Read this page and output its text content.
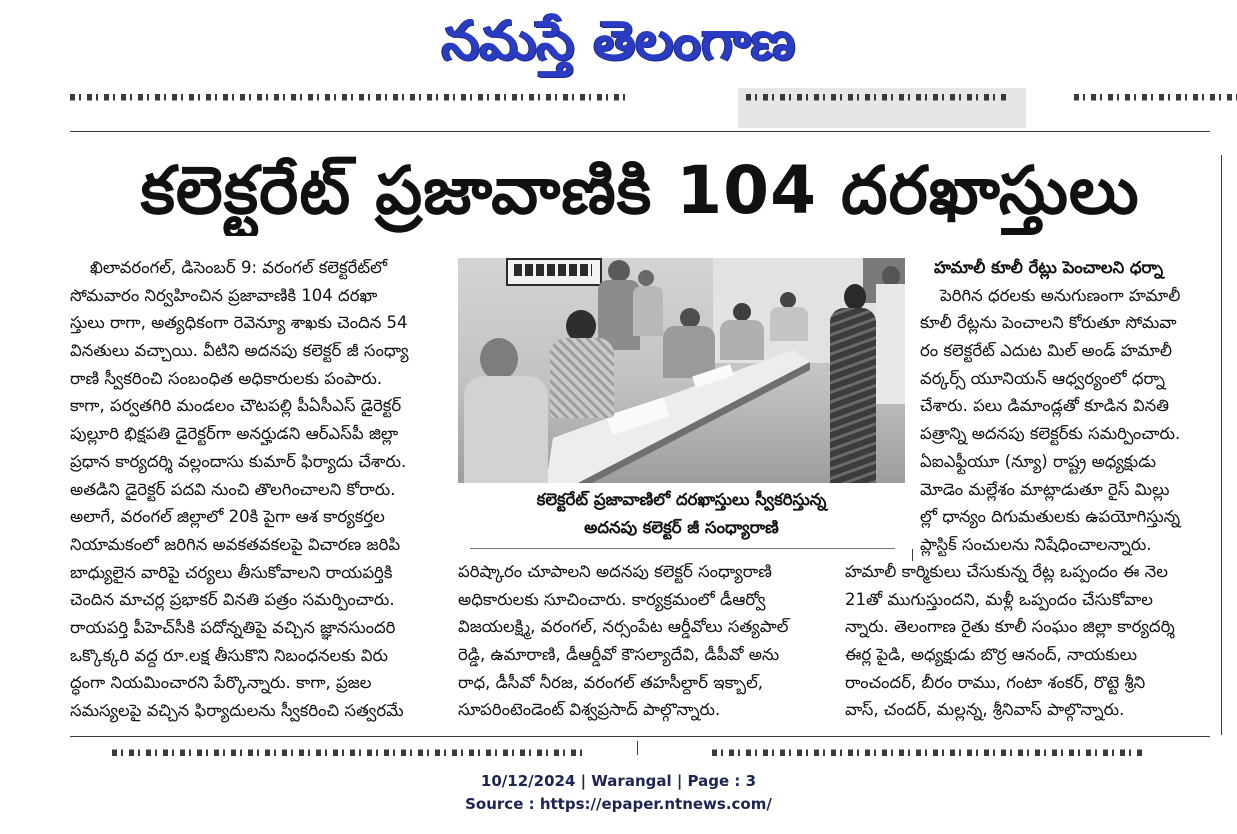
నమస్తే తెలంగాణ
కలెక్టరేట్ ప్రజావాణికి 104 దరఖాస్తులు
ఖిలావరంగల్, డిసెంబర్ 9: వరంగల్ కలెక్టరేట్‌లో
సోమవారం నిర్వహించిన ప్రజావాణికి 104 దరఖా
స్తులు రాగా, అత్యధికంగా రెవెన్యూ శాఖకు చెందిన 54
వినతులు వచ్చాయి. వీటిని అదనపు కలెక్టర్ జీ సంధ్యా
రాణి స్వీకరించి సంబంధిత అధికారులకు పంపారు.
కాగా, పర్వతగిరి మండలం చౌటపల్లి పీఏసీఎస్ డైరెక్టర్
పుల్లూరి భిక్షపతి డైరెక్టర్‌గా అనర్హుడని ఆర్‌ఎస్‌పీ జిల్లా
ప్రధాన కార్యదర్శి వల్లందాసు కుమార్ ఫిర్యాదు చేశారు.
అతడిని డైరెక్టర్ పదవి నుంచి తొలగించాలని కోరారు.
అలాగే, వరంగల్ జిల్లాలో 20కి పైగా ఆశ కార్యకర్తల
నియామకంలో జరిగిన అవకతవకలపై విచారణ జరిపి
బాధ్యులైన వారిపై చర్యలు తీసుకోవాలని రాయపర్తికి
చెందిన మాచర్ల ప్రభాకర్ వినతి పత్రం సమర్పించారు.
రాయపర్తి పీహెచ్‌సీకి పదోన్నతిపై వచ్చిన జ్ఞానసుందరి
ఒక్కొక్కరి వద్ద రూ.లక్ష తీసుకొని నిబంధనలకు విరు
ద్ధంగా నియమించారని పేర్కొన్నారు. కాగా, ప్రజల
సమస్యలపై వచ్చిన ఫిర్యాదులను స్వీకరించి సత్వరమే
కలెక్టరేట్ ప్రజావాణిలో దరఖాస్తులు స్వీకరిస్తున్న
అదనపు కలెక్టర్ జీ సంధ్యారాణి
పరిష్కారం చూపాలని అదనపు కలెక్టర్ సంధ్యారాణి
అధికారులకు సూచించారు. కార్యక్రమంలో డీఆర్వో
విజయలక్ష్మి, వరంగల్, నర్సంపేట ఆర్డీవోలు సత్యపాల్
రెడ్డి, ఉమారాణి, డీఆర్డీవో కౌసల్యాదేవి, డీపీవో అను
రాధ, డీసీవో నీరజ, వరంగల్ తహసీల్దార్ ఇక్బాల్,
సూపరింటెండెంట్ విశ్వప్రసాద్ పాల్గొన్నారు.
హమాలీ కూలీ రేట్లు పెంచాలని ధర్నా
పెరిగిన ధరలకు అనుగుణంగా హమాలీ
కూలీ రేట్లను పెంచాలని కోరుతూ సోమవా
రం కలెక్టరేట్ ఎదుట మిల్ అండ్ హమాలీ
వర్కర్స్ యూనియన్ ఆధ్వర్యంలో ధర్నా
చేశారు. పలు డిమాండ్లతో కూడిన వినతి
పత్రాన్ని అదనపు కలెక్టర్‌కు సమర్పించారు.
ఏఐఎఫ్టీయూ (న్యూ) రాష్ట్ర అధ్యక్షుడు
మోడెం మల్లేశం మాట్లాడుతూ రైస్ మిల్లు
ల్లో ధాన్యం దిగుమతులకు ఉపయోగిస్తున్న
ప్లాస్టిక్ సంచులను నిషేధించాలన్నారు.
హమాలీ కార్మికులు చేసుకున్న రేట్ల ఒప్పందం ఈ నెల
21తో ముగుస్తుందని, మళ్లీ ఒప్పందం చేసుకోవాల
న్నారు. తెలంగాణ రైతు కూలీ సంఘం జిల్లా కార్యదర్శి
ఈర్ల పైడి, అధ్యక్షుడు బొర్ర ఆనంద్, నాయకులు
రాంచందర్, బీరం రాము, గంటా శంకర్, రొట్టె శ్రీని
వాస్, చందర్, మల్లన్న, శ్రీనివాస్ పాల్గొన్నారు.
10/12/2024 | Warangal | Page : 3
Source : https://epaper.ntnews.com/
